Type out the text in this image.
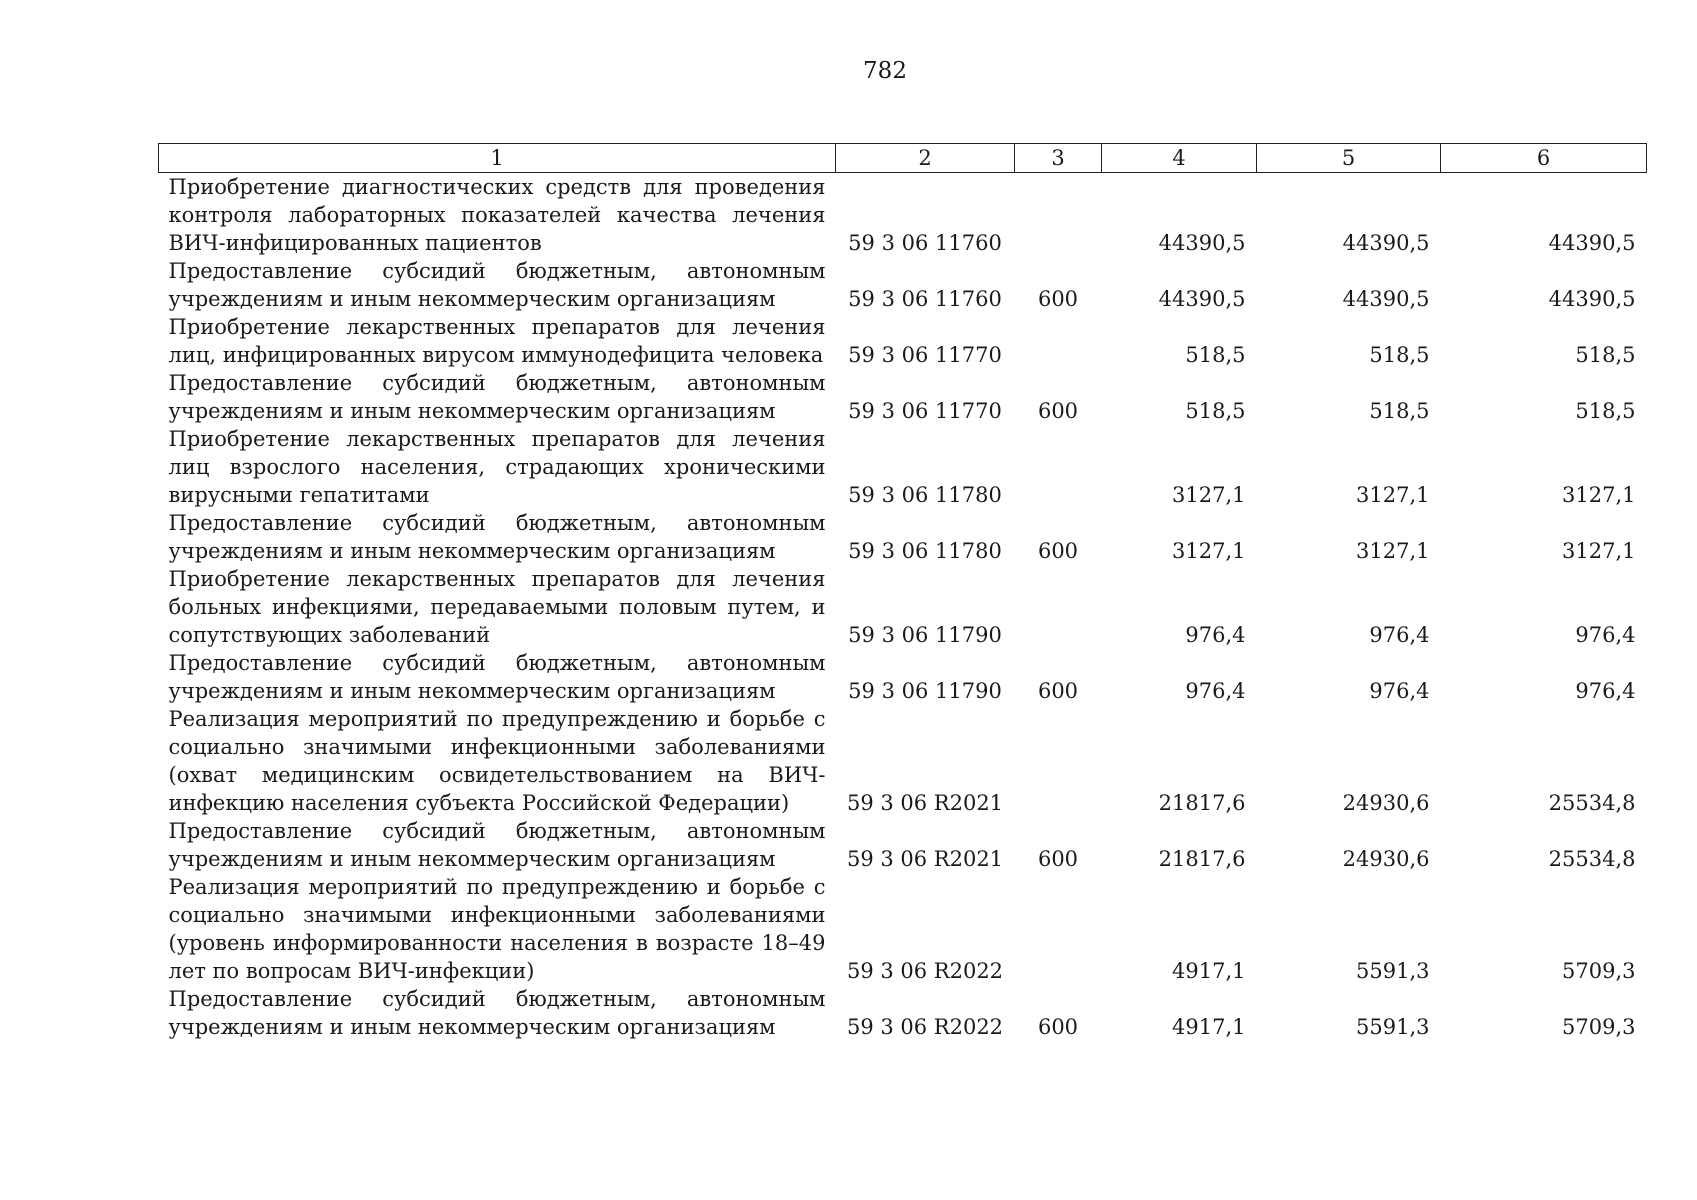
782
1	2	3	4	5	6
Приобретение диагностических средств для проведения контроля лабораторных показателей качества лечения ВИЧ-инфицированных пациентов	59 3 06 11760		44390,5	44390,5	44390,5
Предоставление субсидий бюджетным, автономным учреждениям и иным некоммерческим организациям	59 3 06 11760	600	44390,5	44390,5	44390,5
Приобретение лекарственных препаратов для лечения лиц, инфицированных вирусом иммунодефицита человека	59 3 06 11770		518,5	518,5	518,5
Предоставление субсидий бюджетным, автономным учреждениям и иным некоммерческим организациям	59 3 06 11770	600	518,5	518,5	518,5
Приобретение лекарственных препаратов для лечения лиц взрослого населения, страдающих хроническими вирусными гепатитами	59 3 06 11780		3127,1	3127,1	3127,1
Предоставление субсидий бюджетным, автономным учреждениям и иным некоммерческим организациям	59 3 06 11780	600	3127,1	3127,1	3127,1
Приобретение лекарственных препаратов для лечения больных инфекциями, передаваемыми половым путем, и сопутствующих заболеваний	59 3 06 11790		976,4	976,4	976,4
Предоставление субсидий бюджетным, автономным учреждениям и иным некоммерческим организациям	59 3 06 11790	600	976,4	976,4	976,4
Реализация мероприятий по предупреждению и борьбе с социально значимыми инфекционными заболеваниями (охват медицинским освидетельствованием на ВИЧ-инфекцию населения субъекта Российской Федерации)	59 3 06 R2021		21817,6	24930,6	25534,8
Предоставление субсидий бюджетным, автономным учреждениям и иным некоммерческим организациям	59 3 06 R2021	600	21817,6	24930,6	25534,8
Реализация мероприятий по предупреждению и борьбе с социально значимыми инфекционными заболеваниями (уровень информированности населения в возрасте 18–49 лет по вопросам ВИЧ-инфекции)	59 3 06 R2022		4917,1	5591,3	5709,3
Предоставление субсидий бюджетным, автономным учреждениям и иным некоммерческим организациям	59 3 06 R2022	600	4917,1	5591,3	5709,3
